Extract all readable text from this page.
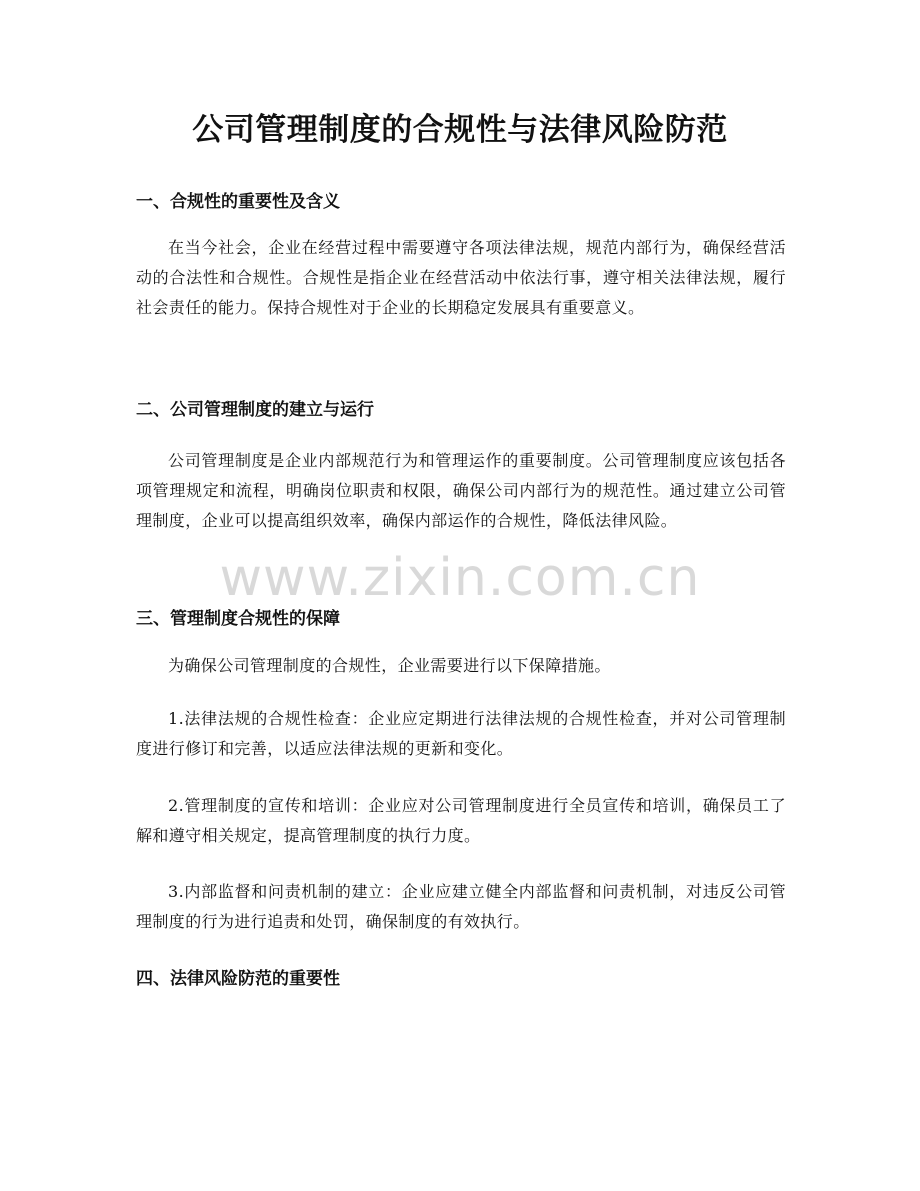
公司管理制度的合规性与法律风险防范
一、合规性的重要性及含义

在当今社会，企业在经营过程中需要遵守各项法律法规，规范内部行为，确保经营活动的合法性和合规性。合规性是指企业在经营活动中依法行事，遵守相关法律法规，履行社会责任的能力。保持合规性对于企业的长期稳定发展具有重要意义。

二、公司管理制度的建立与运行

公司管理制度是企业内部规范行为和管理运作的重要制度。公司管理制度应该包括各项管理规定和流程，明确岗位职责和权限，确保公司内部行为的规范性。通过建立公司管理制度，企业可以提高组织效率，确保内部运作的合规性，降低法律风险。

www.zixin.com.cn
三、管理制度合规性的保障

为确保公司管理制度的合规性，企业需要进行以下保障措施。

1.法律法规的合规性检查：企业应定期进行法律法规的合规性检查，并对公司管理制度进行修订和完善，以适应法律法规的更新和变化。

2.管理制度的宣传和培训：企业应对公司管理制度进行全员宣传和培训，确保员工了解和遵守相关规定，提高管理制度的执行力度。

3.内部监督和问责机制的建立：企业应建立健全内部监督和问责机制，对违反公司管理制度的行为进行追责和处罚，确保制度的有效执行。

四、法律风险防范的重要性
